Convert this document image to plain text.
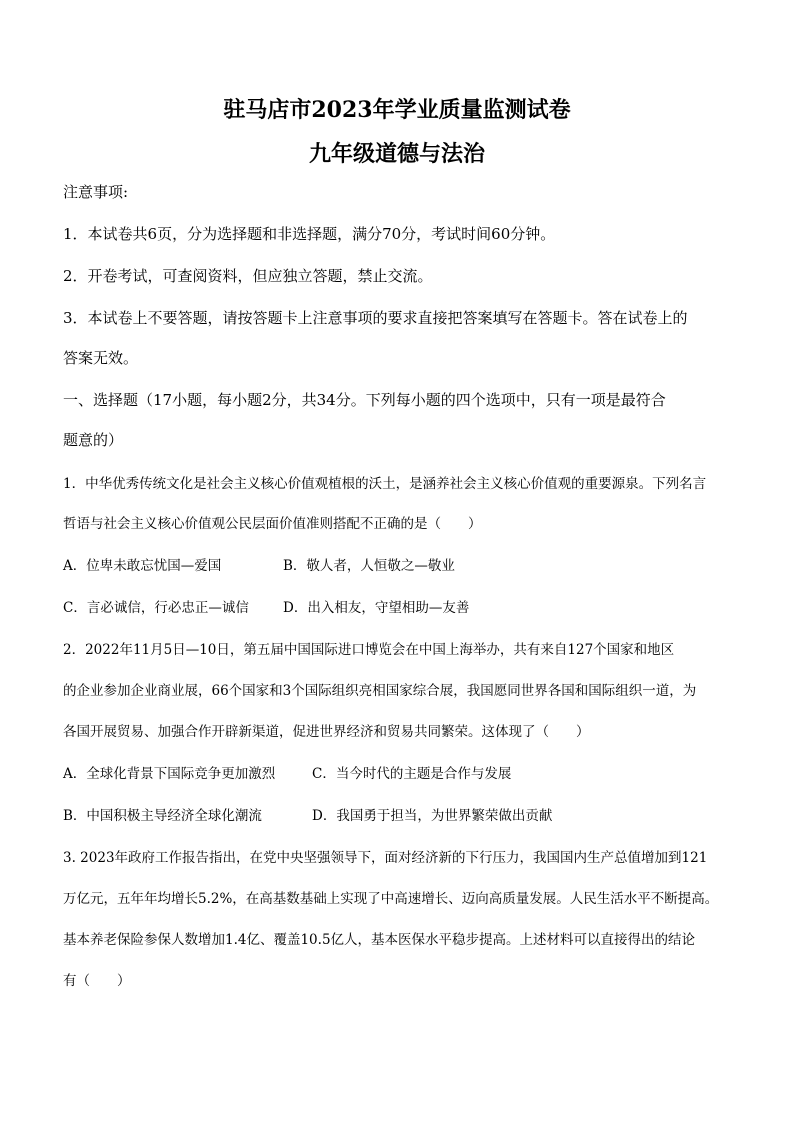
驻马店市2023年学业质量监测试卷
九年级道德与法治
注意事项:
1．本试卷共6页，分为选择题和非选择题，满分70分，考试时间60分钟。
2．开卷考试，可查阅资料，但应独立答题，禁止交流。
3．本试卷上不要答题，请按答题卡上注意事项的要求直接把答案填写在答题卡。答在试卷上的
答案无效。
一、选择题（17小题，每小题2分，共34分。下列每小题的四个选项中，只有一项是最符合
题意的）
1．中华优秀传统文化是社会主义核心价值观植根的沃土，是涵养社会主义核心价值观的重要源泉。下列名言
哲语与社会主义核心价值观公民层面价值准则搭配不正确的是（　　）
A．位卑未敢忘忧国—爱国	B．敬人者，人恒敬之—敬业
C．言必诚信，行必忠正—诚信	D．出入相友，守望相助—友善
2．2022年11月5日—10日，第五届中国国际进口博览会在中国上海举办，共有来自127个国家和地区
的企业参加企业商业展，66个国家和3个国际组织亮相国家综合展，我国愿同世界各国和国际组织一道，为
各国开展贸易、加强合作开辟新渠道，促进世界经济和贸易共同繁荣。这体现了（　　）
A．全球化背景下国际竞争更加激烈	C．当今时代的主题是合作与发展
B．中国积极主导经济全球化潮流	D．我国勇于担当，为世界繁荣做出贡献
3. 2023年政府工作报告指出，在党中央坚强领导下，面对经济新的下行压力，我国国内生产总值增加到121
万亿元，五年年均增长5.2%，在高基数基础上实现了中高速增长、迈向高质量发展。人民生活水平不断提高。
基本养老保险参保人数增加1.4亿、覆盖10.5亿人，基本医保水平稳步提高。上述材料可以直接得出的结论
有（　　）
